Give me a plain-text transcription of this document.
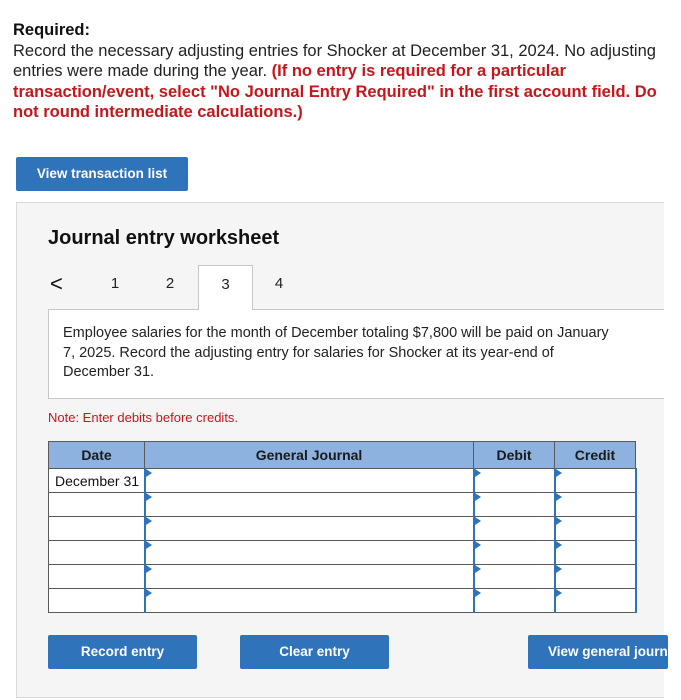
Required:
Record the necessary adjusting entries for Shocker at December 31, 2024. No adjusting entries were made during the year. (If no entry is required for a particular transaction/event, select "No Journal Entry Required" in the first account field. Do not round intermediate calculations.)
View transaction list
Journal entry worksheet
<	1	2	3	4
Employee salaries for the month of December totaling $7,800 will be paid on January 7, 2025. Record the adjusting entry for salaries for Shocker at its year-end of December 31.
Note: Enter debits before credits.
Date	General Journal	Debit	Credit
December 31			

Record entry	Clear entry	View general journal
